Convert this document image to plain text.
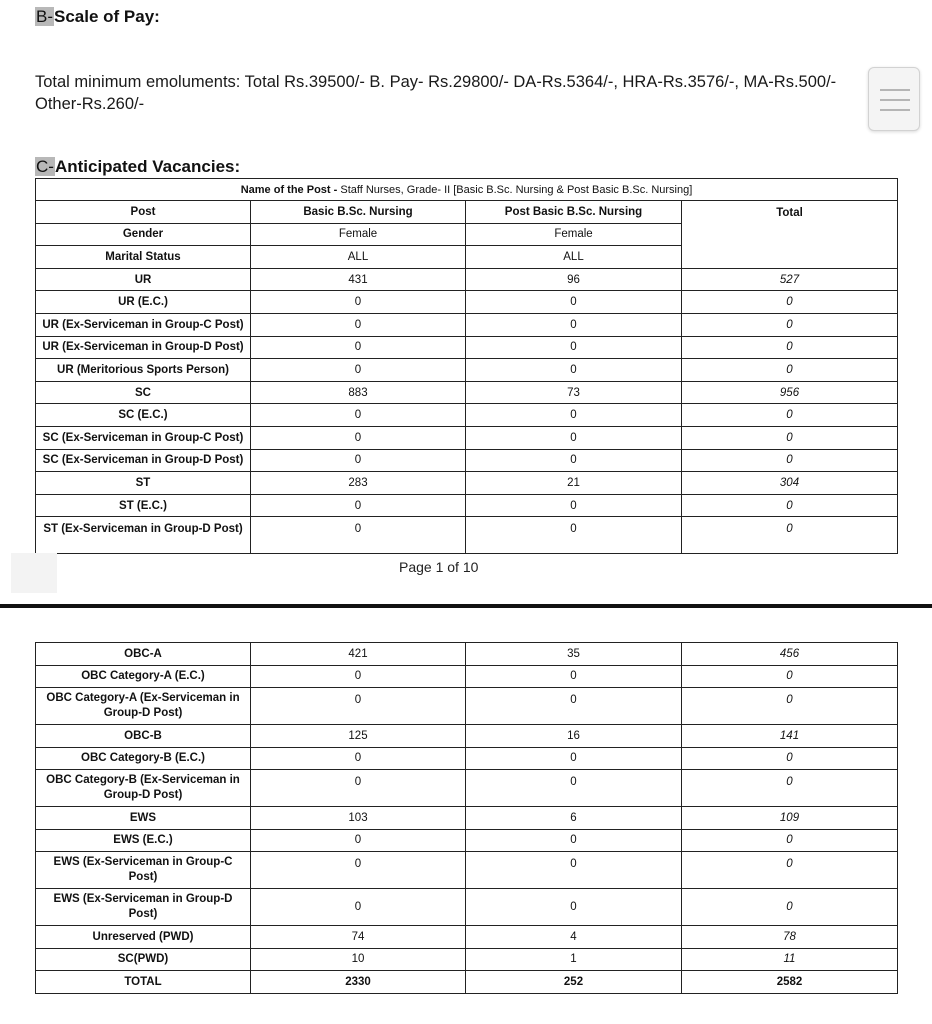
B-Scale of Pay:
Total minimum emoluments: Total Rs.39500/- B. Pay- Rs.29800/- DA-Rs.5364/-, HRA-Rs.3576/-, MA-Rs.500/-
Other-Rs.260/-
C-Anticipated Vacancies:
Name of the Post - Staff Nurses, Grade- II [Basic B.Sc. Nursing & Post Basic B.Sc. Nursing]			
Post	Basic B.Sc. Nursing	Post Basic B.Sc. Nursing	Total
Gender	Female	Female	
Marital Status	ALL	ALL	
UR	431	96	527
UR (E.C.)	0	0	0
UR (Ex-Serviceman in Group-C Post)	0	0	0
UR (Ex-Serviceman in Group-D Post)	0	0	0
UR (Meritorious Sports Person)	0	0	0
SC	883	73	956
SC (E.C.)	0	0	0
SC (Ex-Serviceman in Group-C Post)	0	0	0
SC (Ex-Serviceman in Group-D Post)	0	0	0
ST	283	21	304
ST (E.C.)	0	0	0
ST (Ex-Serviceman in Group-D Post)	0	0	0
Page 1 of 10
OBC-A	421	35	456
OBC Category-A (E.C.)	0	0	0
OBC Category-A (Ex-Serviceman in Group-D Post)	0	0	0
OBC-B	125	16	141
OBC Category-B (E.C.)	0	0	0
OBC Category-B (Ex-Serviceman in Group-D Post)	0	0	0
EWS	103	6	109
EWS (E.C.)	0	0	0
EWS (Ex-Serviceman in Group-C Post)	0	0	0
EWS (Ex-Serviceman in Group-D Post)	0	0	0
Unreserved (PWD)	74	4	78
SC(PWD)	10	1	11
TOTAL	2330	252	2582
